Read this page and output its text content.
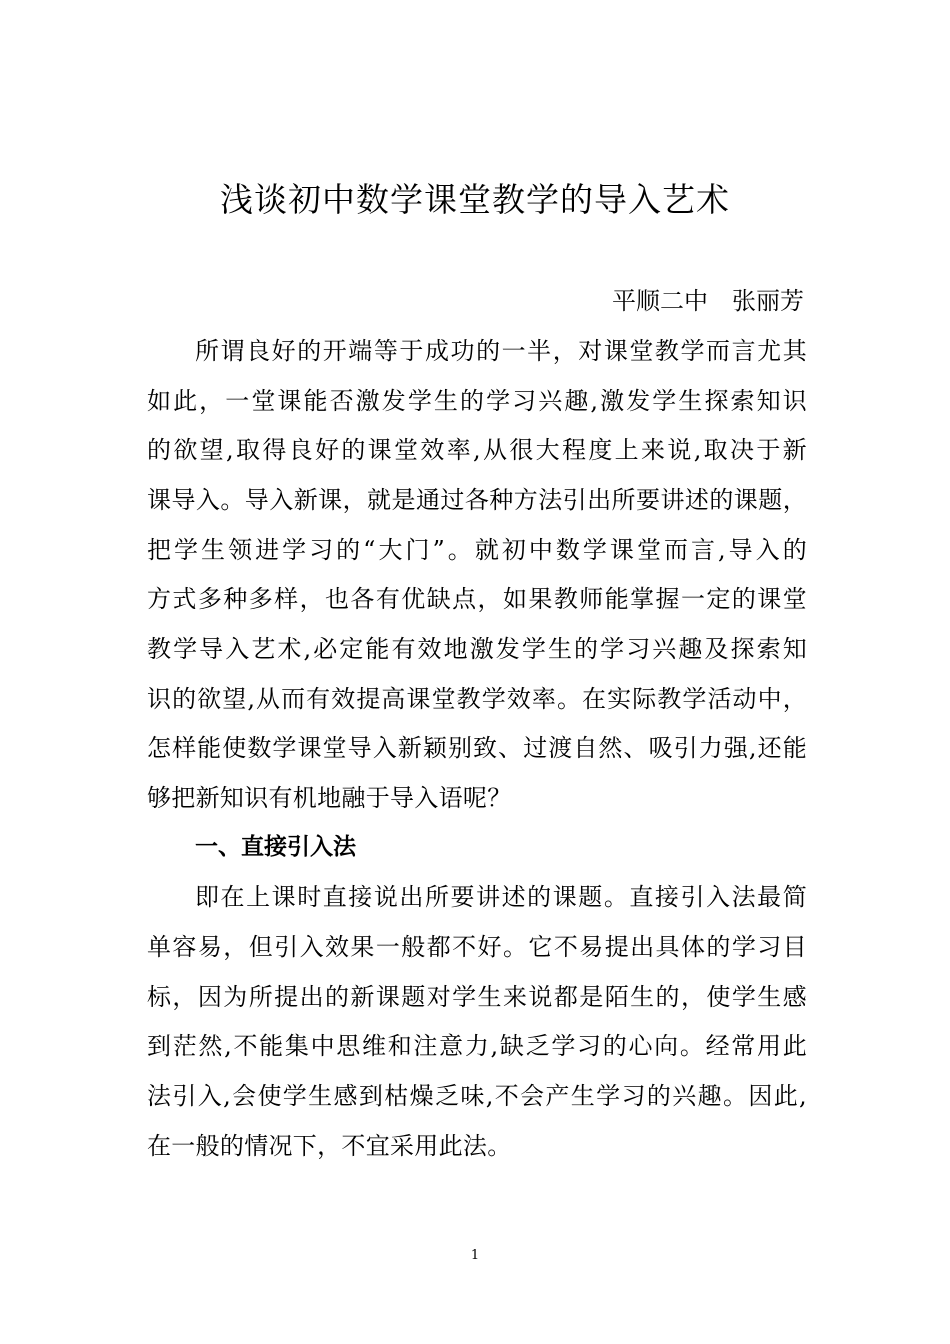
浅谈初中数学课堂教学的导入艺术
平顺二中　张丽芳
所谓良好的开端等于成功的一半，对课堂教学而言尤其
如此，一堂课能否激发学生的学习兴趣,激发学生探索知识
的欲望,取得良好的课堂效率,从很大程度上来说,取决于新
课导入。导入新课，就是通过各种方法引出所要讲述的课题，
把学生领进学习的“大门”。就初中数学课堂而言,导入的
方式多种多样，也各有优缺点，如果教师能掌握一定的课堂
教学导入艺术,必定能有效地激发学生的学习兴趣及探索知
识的欲望,从而有效提高课堂教学效率。在实际教学活动中，
怎样能使数学课堂导入新颖别致、过渡自然、吸引力强,还能
够把新知识有机地融于导入语呢？
一、直接引入法
即在上课时直接说出所要讲述的课题。直接引入法最简
单容易，但引入效果一般都不好。它不易提出具体的学习目
标，因为所提出的新课题对学生来说都是陌生的，使学生感
到茫然,不能集中思维和注意力,缺乏学习的心向。经常用此
法引入,会使学生感到枯燥乏味,不会产生学习的兴趣。因此,
在一般的情况下，不宜采用此法。
1
